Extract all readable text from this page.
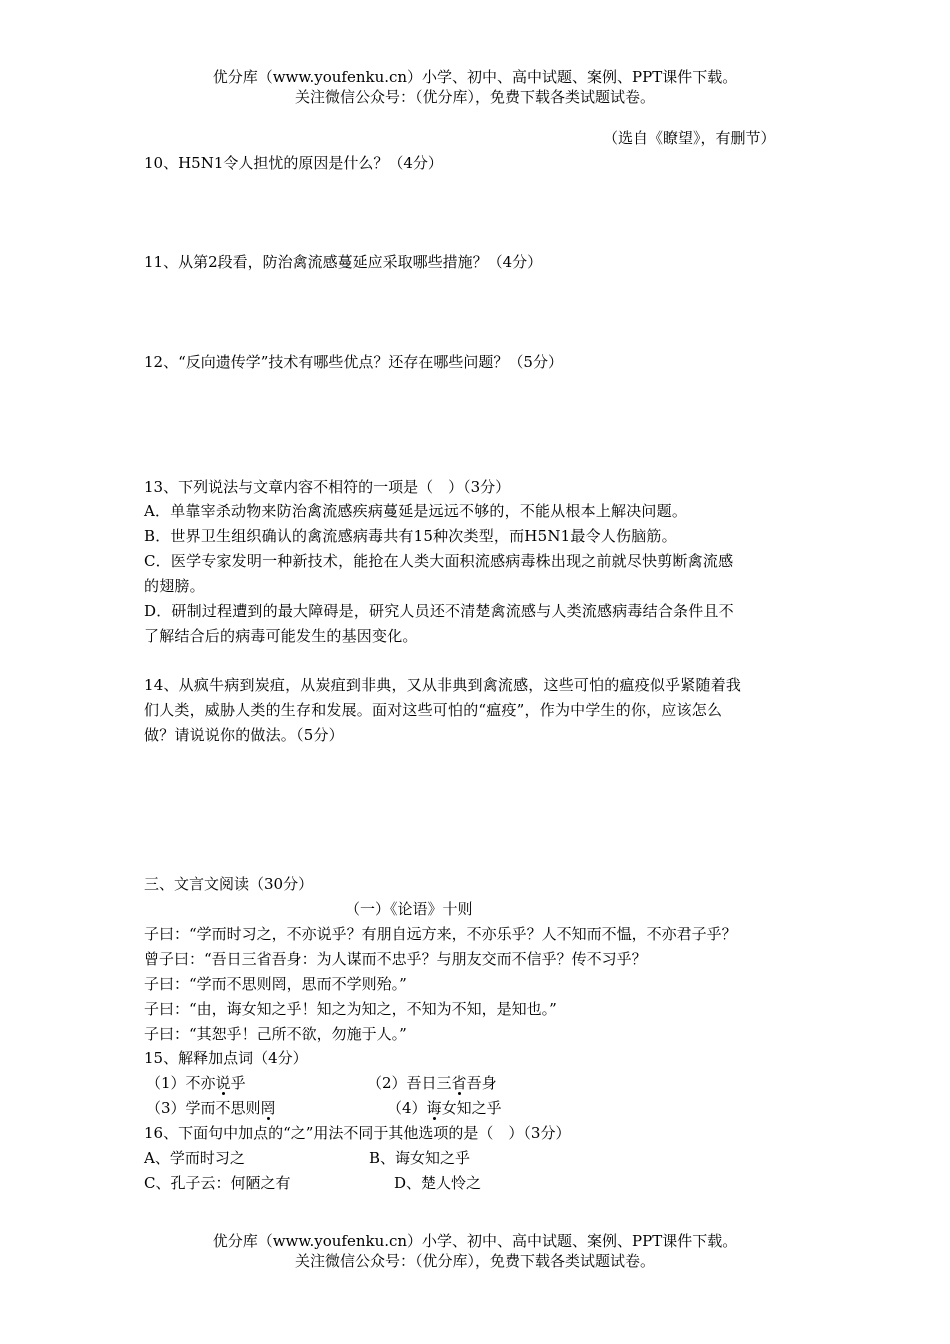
优分库（www.youfenku.cn）小学、初中、高中试题、案例、PPT课件下载。
关注微信公众号：（优分库），免费下载各类试题试卷。
（选自《瞭望》，有删节）
10、H5N1令人担忧的原因是什么？（4分）
11、从第2段看，防治禽流感蔓延应采取哪些措施？（4分）
12、“反向遗传学”技术有哪些优点？还存在哪些问题？（5分）
13、下列说法与文章内容不相符的一项是（　）（3分）
A．单靠宰杀动物来防治禽流感疾病蔓延是远远不够的，不能从根本上解决问题。
B．世界卫生组织确认的禽流感病毒共有15种次类型，而H5N1最令人伤脑筋。
C．医学专家发明一种新技术，能抢在人类大面积流感病毒株出现之前就尽快剪断禽流感
的翅膀。
D．研制过程遭到的最大障碍是，研究人员还不清楚禽流感与人类流感病毒结合条件且不
了解结合后的病毒可能发生的基因变化。
14、从疯牛病到炭疽，从炭疽到非典，又从非典到禽流感，这些可怕的瘟疫似乎紧随着我
们人类，威胁人类的生存和发展。面对这些可怕的“瘟疫”，作为中学生的你，应该怎么
做？请说说你的做法。（5分）
三、文言文阅读（30分）
（一）《论语》十则
子曰：“学而时习之，不亦说乎？有朋自远方来，不亦乐乎？人不知而不愠，不亦君子乎？
曾子曰：“吾日三省吾身：为人谋而不忠乎？与朋友交而不信乎？传不习乎？
子曰：“学而不思则罔，思而不学则殆。”
子曰：“由，诲女知之乎！知之为知之，不知为不知，是知也。”
子曰：“其恕乎！己所不欲，勿施于人。”
15、解释加点词（4分）
（1）不亦说乎	（2）吾日三省吾身
（3）学而不思则罔	（4）诲女知之乎
16、下面句中加点的“之”用法不同于其他选项的是（　）（3分）
A、学而时习之	B、诲女知之乎
C、孔子云：何陋之有	D、楚人怜之
优分库（www.youfenku.cn）小学、初中、高中试题、案例、PPT课件下载。
关注微信公众号：（优分库），免费下载各类试题试卷。
